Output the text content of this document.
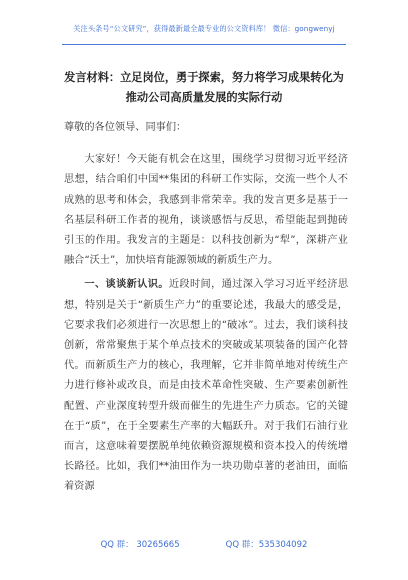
关注头条号“公文研究”，获得最新最全最专业的公文资料库！ 微信：gongwenyj
发言材料：立足岗位，勇于探索，努力将学习成果转化为
推动公司高质量发展的实际行动

尊敬的各位领导、同事们：

大家好！今天能有机会在这里，围绕学习贯彻习近平经济思想，结合咱们中国**集团的科研工作实际，交流一些个人不成熟的思考和体会，我感到非常荣幸。我的发言更多是基于一名基层科研工作者的视角，谈谈感悟与反思，希望能起到抛砖引玉的作用。我发言的主题是：以科技创新为“犁”，深耕产业融合“沃土”，加快培育能源领域的新质生产力。

一、谈谈新认识。近段时间，通过深入学习习近平经济思想，特别是关于“新质生产力”的重要论述，我最大的感受是，它要求我们必须进行一次思想上的“破冰”。过去，我们谈科技创新，常常聚焦于某个单点技术的突破或某项装备的国产化替代。而新质生产力的核心，我理解，它并非简单地对传统生产力进行修补或改良，而是由技术革命性突破、生产要素创新性配置、产业深度转型升级而催生的先进生产力质态。它的关键在于“质”，在于全要素生产率的大幅跃升。对于我们石油行业而言，这意味着要摆脱单纯依赖资源规模和资本投入的传统增长路径。比如，我们**油田作为一块功勋卓著的老油田，面临着资源

QQ 群： 30265665	QQ 群：535304092
